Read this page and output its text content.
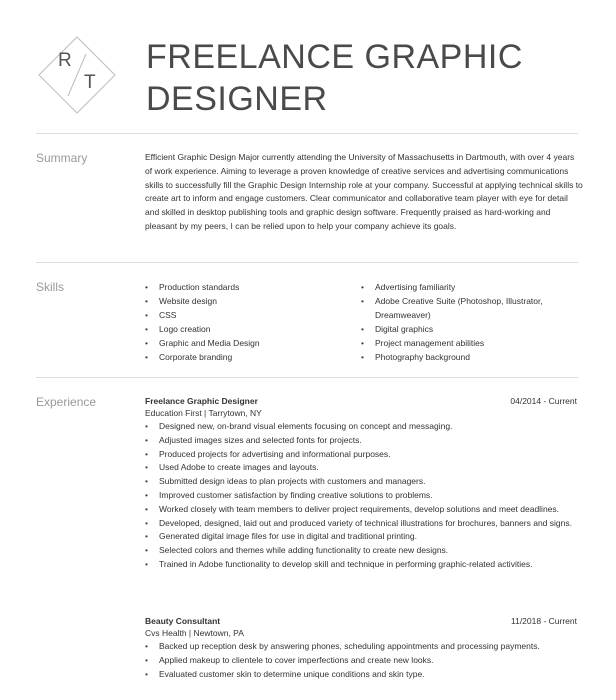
R
T
FREELANCE GRAPHIC
DESIGNER
Summary	Efficient Graphic Design Major currently attending the University of Massachusetts in Dartmouth, with over 4 years of work experience. Aiming to leverage a proven knowledge of creative services and advertising communications skills to successfully fill the Graphic Design Internship role at your company. Successful at applying technical skills to create art to inform and engage customers. Clear communicator and collaborative team player with eye for detail and skilled in desktop publishing tools and graphic design software. Frequently praised as hard-working and pleasant by my peers, I can be relied upon to help your company achieve its goals.
Skills
•	Production standards
• Website design
• CSS
• Logo creation
• Graphic and Media Design
• Corporate branding
• Advertising familiarity
• Adobe Creative Suite (Photoshop, Illustrator, Dreamweaver)
• Digital graphics
• Project management abilities
• Photography background
Experience	Freelance Graphic Designer	04/2014 - Current
Education First | Tarrytown, NY
• Designed new, on-brand visual elements focusing on concept and messaging.
• Adjusted images sizes and selected fonts for projects.
• Produced projects for advertising and informational purposes.
• Used Adobe to create images and layouts.
• Submitted design ideas to plan projects with customers and managers.
• Improved customer satisfaction by finding creative solutions to problems.
• Worked closely with team members to deliver project requirements, develop solutions and meet deadlines.
• Developed, designed, laid out and produced variety of technical illustrations for brochures, banners and signs.
• Generated digital image files for use in digital and traditional printing.
• Selected colors and themes while adding functionality to create new designs.
• Trained in Adobe functionality to develop skill and technique in performing graphic-related activities.
Beauty Consultant	11/2018 - Current
Cvs Health | Newtown, PA
• Backed up reception desk by answering phones, scheduling appointments and processing payments.
• Applied makeup to clientele to cover imperfections and create new looks.
• Evaluated customer skin to determine unique conditions and skin type.
